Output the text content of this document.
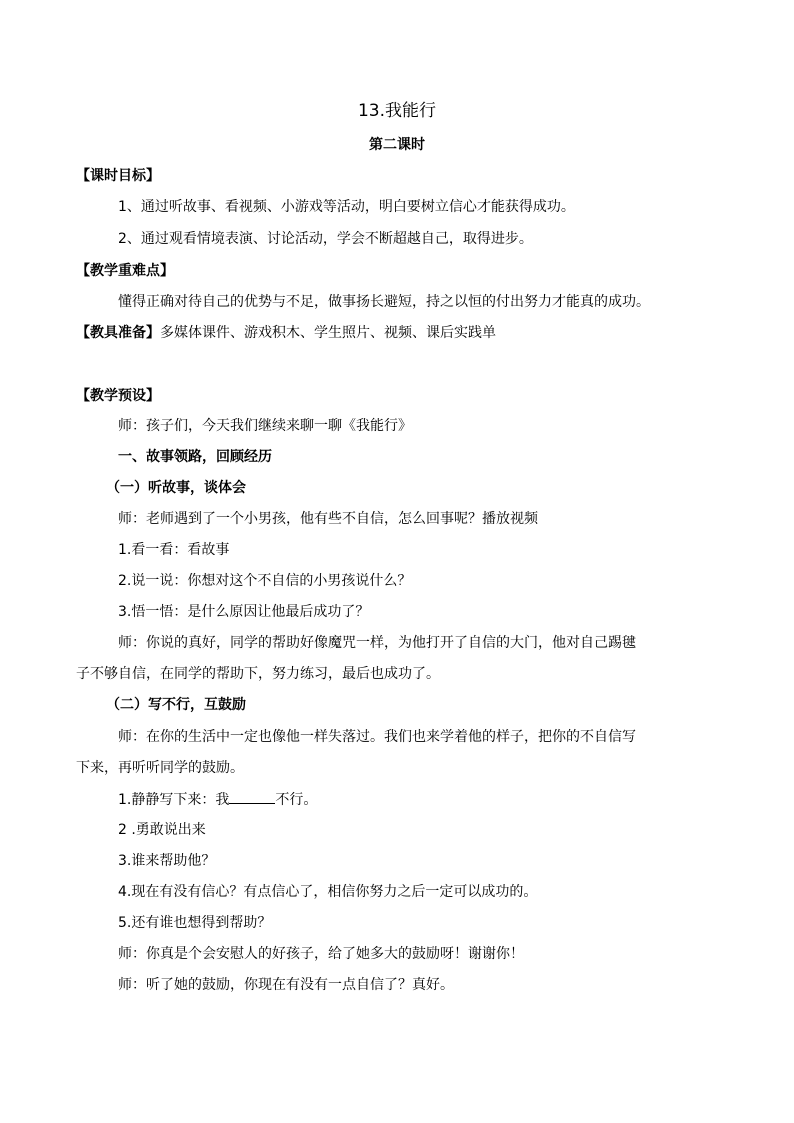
13.我能行
第二课时
【课时目标】
1、通过听故事、看视频、小游戏等活动，明白要树立信心才能获得成功。
2、通过观看情境表演、讨论活动，学会不断超越自己，取得进步。
【教学重难点】
懂得正确对待自己的优势与不足，做事扬长避短，持之以恒的付出努力才能真的成功。
【教具准备】多媒体课件、游戏积木、学生照片、视频、课后实践单
【教学预设】
师：孩子们，今天我们继续来聊一聊《我能行》
一、故事领路，回顾经历
（一）听故事，谈体会
师：老师遇到了一个小男孩，他有些不自信，怎么回事呢？播放视频
1.看一看：看故事
2.说一说：你想对这个不自信的小男孩说什么？
3.悟一悟：是什么原因让他最后成功了？
师：你说的真好，同学的帮助好像魔咒一样，为他打开了自信的大门，他对自己踢毽
子不够自信，在同学的帮助下，努力练习，最后也成功了。
（二）写不行，互鼓励
师：在你的生活中一定也像他一样失落过。我们也来学着他的样子，把你的不自信写
下来，再听听同学的鼓励。
1.静静写下来：我	不行。
2 .勇敢说出来
3.谁来帮助他？
4.现在有没有信心？有点信心了，相信你努力之后一定可以成功的。
5.还有谁也想得到帮助？
师：你真是个会安慰人的好孩子，给了她多大的鼓励呀！谢谢你！
师：听了她的鼓励，你现在有没有一点自信了？真好。
